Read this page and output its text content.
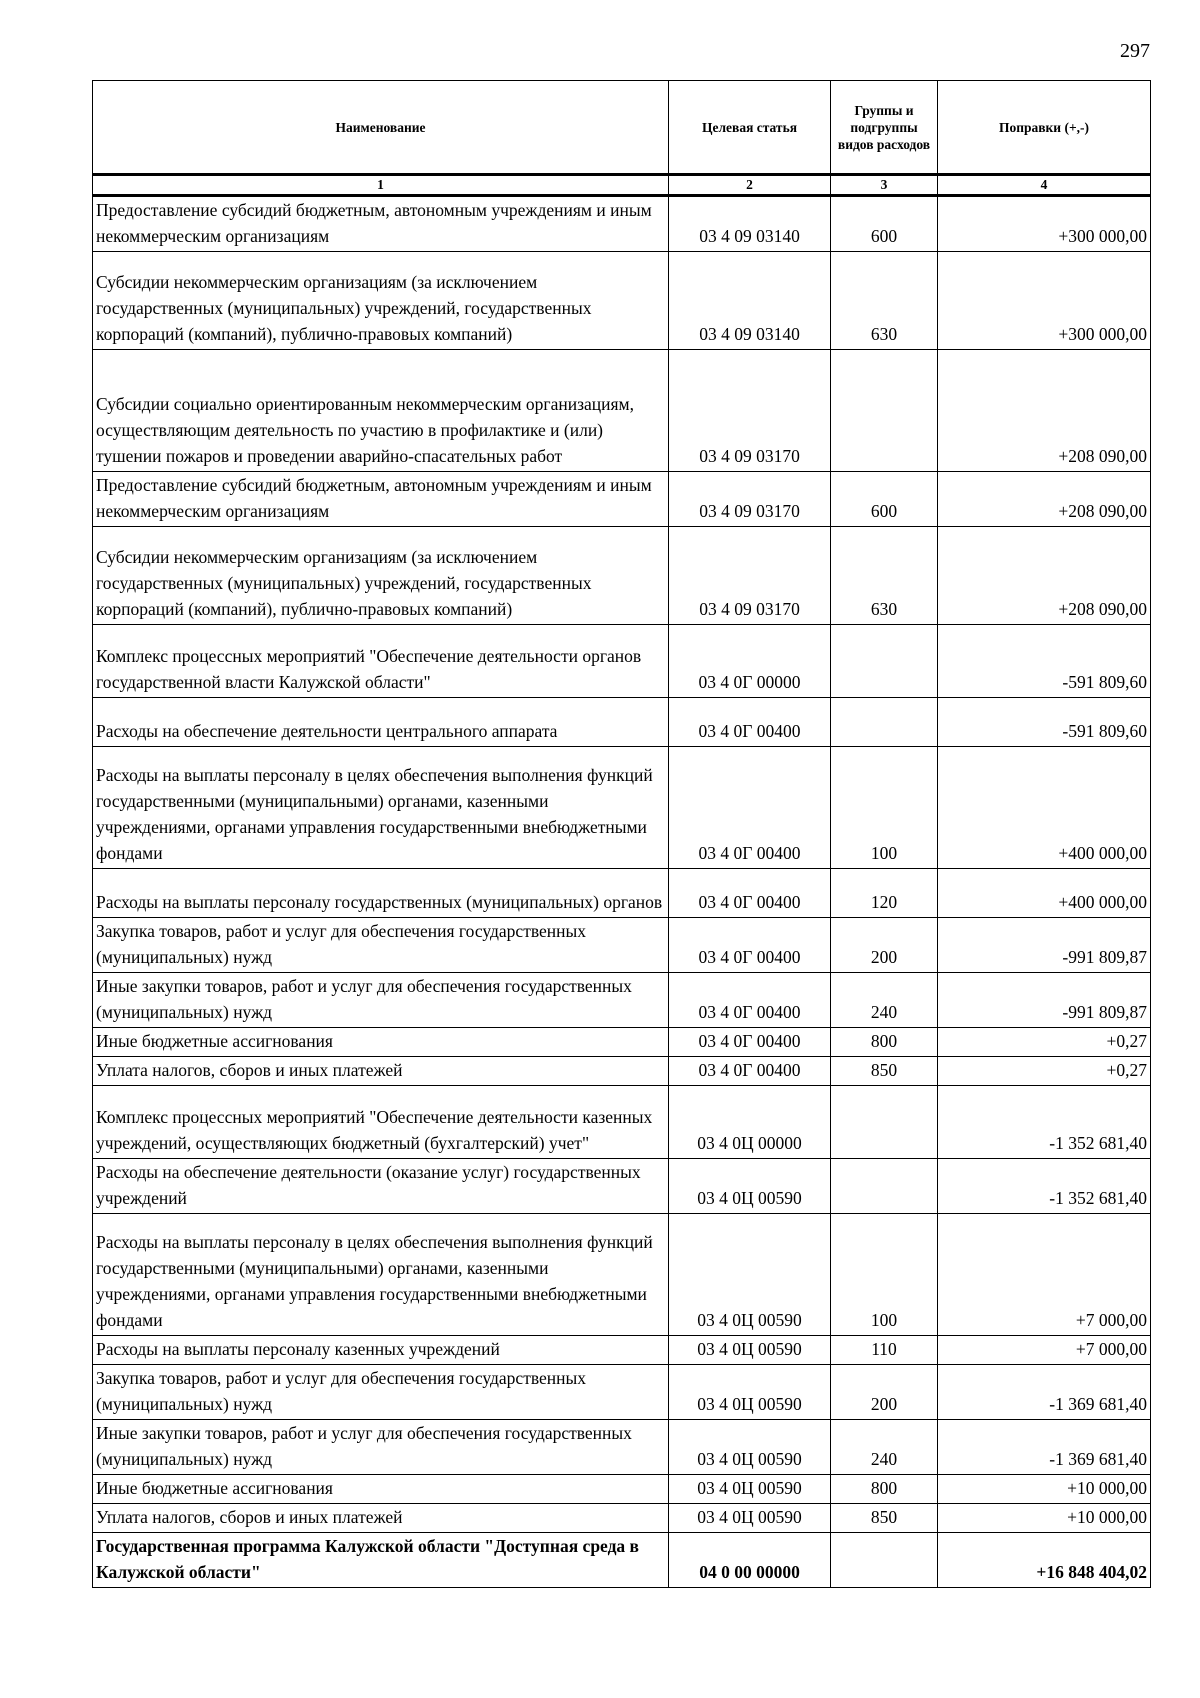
297
Наименование	Целевая статья	Группы и подгруппы видов расходов	Поправки (+,-)
1	2	3	4
Предоставление субсидий бюджетным, автономным учреждениям и иным некоммерческим организациям	03 4 09 03140	600	+300 000,00
Субсидии некоммерческим организациям (за исключением государственных (муниципальных) учреждений, государственных корпораций (компаний), публично-правовых компаний)	03 4 09 03140	630	+300 000,00
Субсидии социально ориентированным некоммерческим организациям, осуществляющим деятельность по участию в профилактике и (или) тушении пожаров и проведении аварийно-спасательных работ	03 4 09 03170		+208 090,00
Предоставление субсидий бюджетным, автономным учреждениям и иным некоммерческим организациям	03 4 09 03170	600	+208 090,00
Субсидии некоммерческим организациям (за исключением государственных (муниципальных) учреждений, государственных корпораций (компаний), публично-правовых компаний)	03 4 09 03170	630	+208 090,00
Комплекс процессных мероприятий "Обеспечение деятельности органов государственной власти Калужской области"	03 4 0Г 00000		-591 809,60
Расходы на обеспечение деятельности центрального аппарата	03 4 0Г 00400		-591 809,60
Расходы на выплаты персоналу в целях обеспечения выполнения функций государственными (муниципальными) органами, казенными учреждениями, органами управления государственными внебюджетными фондами	03 4 0Г 00400	100	+400 000,00
Расходы на выплаты персоналу государственных (муниципальных) органов	03 4 0Г 00400	120	+400 000,00
Закупка товаров, работ и услуг для обеспечения государственных (муниципальных) нужд	03 4 0Г 00400	200	-991 809,87
Иные закупки товаров, работ и услуг для обеспечения государственных (муниципальных) нужд	03 4 0Г 00400	240	-991 809,87
Иные бюджетные ассигнования	03 4 0Г 00400	800	+0,27
Уплата налогов, сборов и иных платежей	03 4 0Г 00400	850	+0,27
Комплекс процессных мероприятий "Обеспечение деятельности казенных учреждений, осуществляющих бюджетный (бухгалтерский) учет"	03 4 0Ц 00000		-1 352 681,40
Расходы на обеспечение деятельности (оказание услуг) государственных учреждений	03 4 0Ц 00590		-1 352 681,40
Расходы на выплаты персоналу в целях обеспечения выполнения функций государственными (муниципальными) органами, казенными учреждениями, органами управления государственными внебюджетными фондами	03 4 0Ц 00590	100	+7 000,00
Расходы на выплаты персоналу казенных учреждений	03 4 0Ц 00590	110	+7 000,00
Закупка товаров, работ и услуг для обеспечения государственных (муниципальных) нужд	03 4 0Ц 00590	200	-1 369 681,40
Иные закупки товаров, работ и услуг для обеспечения государственных (муниципальных) нужд	03 4 0Ц 00590	240	-1 369 681,40
Иные бюджетные ассигнования	03 4 0Ц 00590	800	+10 000,00
Уплата налогов, сборов и иных платежей	03 4 0Ц 00590	850	+10 000,00
Государственная программа Калужской области "Доступная среда в Калужской области"	04 0 00 00000		+16 848 404,02
